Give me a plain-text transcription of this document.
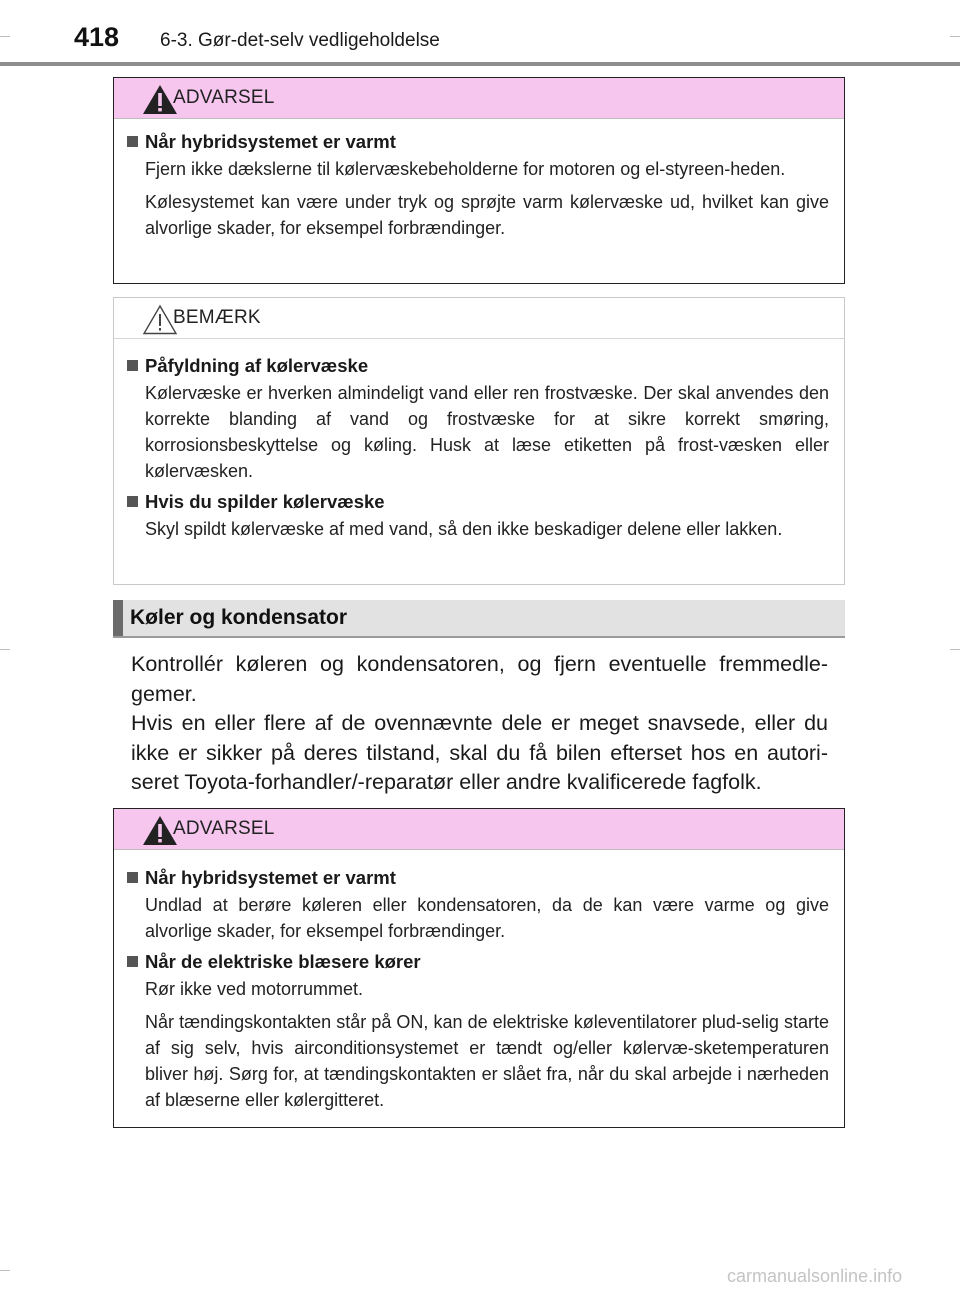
418 6-3. Gør-det-selv vedligeholdelse
ADVARSEL
Når hybridsystemet er varmt
Fjern ikke dækslerne til kølervæskebeholderne for motoren og el-styreen-heden.
Kølesystemet kan være under tryk og sprøjte varm kølervæske ud, hvilket kan give alvorlige skader, for eksempel forbrændinger.
BEMÆRK
Påfyldning af kølervæske
Kølervæske er hverken almindeligt vand eller ren frostvæske. Der skal anvendes den korrekte blanding af vand og frostvæske for at sikre korrekt smøring, korrosionsbeskyttelse og køling. Husk at læse etiketten på frost-væsken eller kølervæsken.
Hvis du spilder kølervæske
Skyl spildt kølervæske af med vand, så den ikke beskadiger delene eller lakken.
Køler og kondensator

Kontrollér køleren og kondensatoren, og fjern eventuelle fremmedle-gemer.

Hvis en eller flere af de ovennævnte dele er meget snavsede, eller du ikke er sikker på deres tilstand, skal du få bilen efterset hos en autori-seret Toyota-forhandler/-reparatør eller andre kvalificerede fagfolk.

ADVARSEL
Når hybridsystemet er varmt
Undlad at berøre køleren eller kondensatoren, da de kan være varme og give alvorlige skader, for eksempel forbrændinger.
Når de elektriske blæsere kører
Rør ikke ved motorrummet.
Når tændingskontakten står på ON, kan de elektriske køleventilatorer plud-selig starte af sig selv, hvis airconditionsystemet er tændt og/eller kølervæ-sketemperaturen bliver høj. Sørg for, at tændingskontakten er slået fra, når du skal arbejde i nærheden af blæserne eller kølergitteret.
carmanualsonline.info
